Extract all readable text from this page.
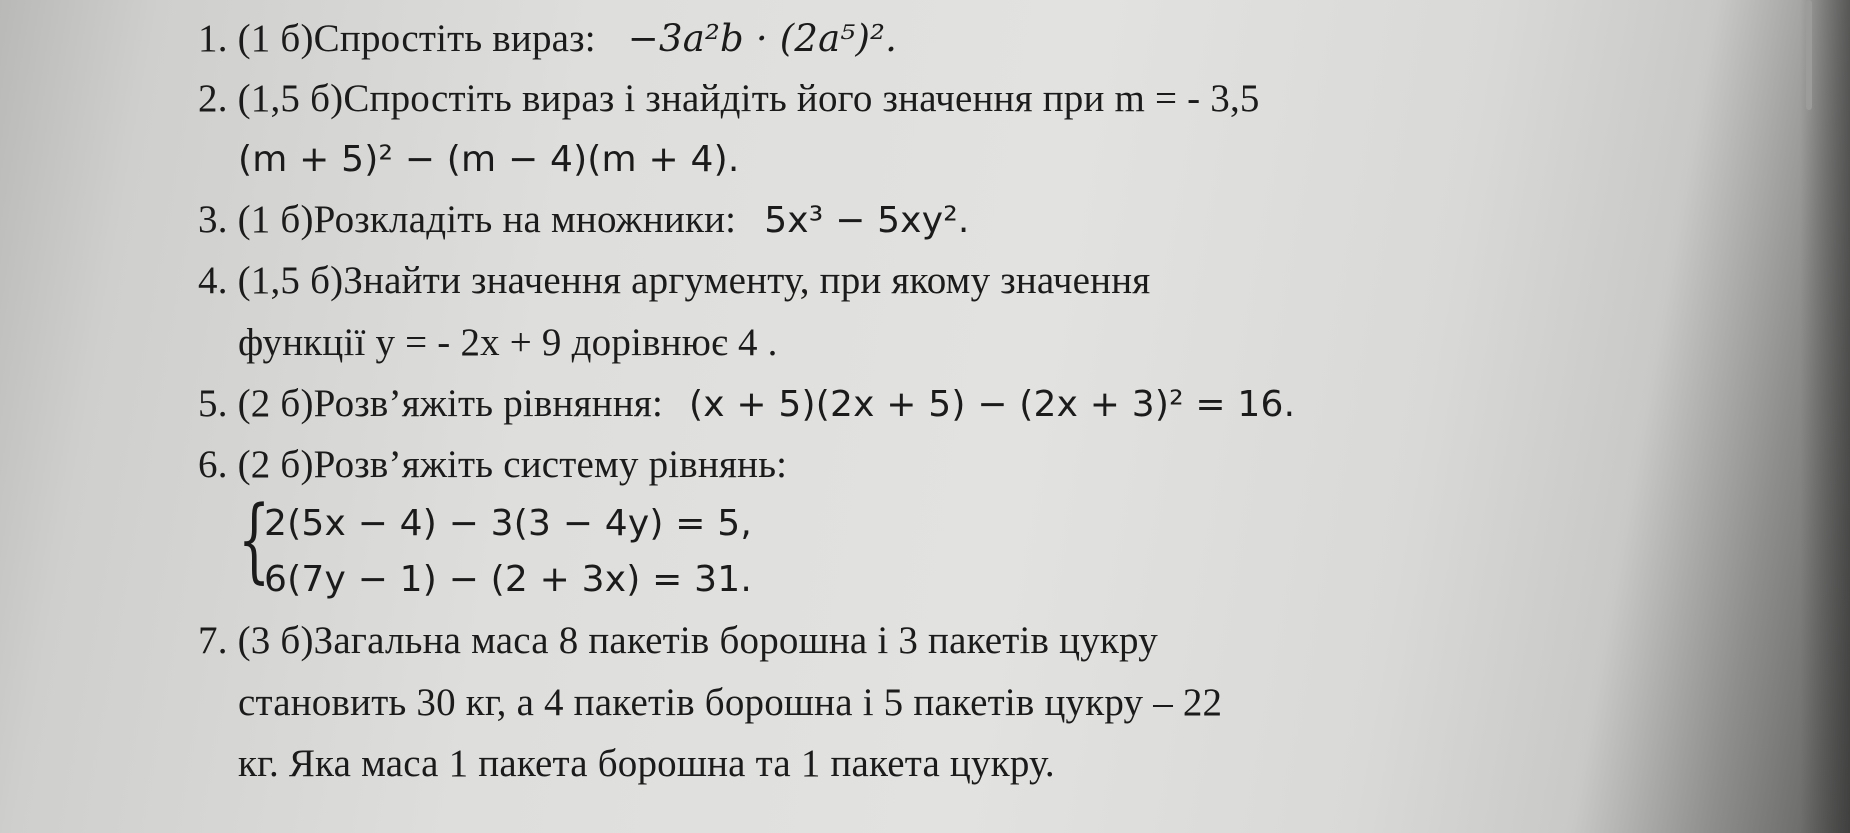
1. (1 б)Спростіть вираз: −3a²b · (2a⁵)².
2. (1,5 б)Спростіть вираз і знайдіть його значення при m = - 3,5
(m + 5)² − (m − 4)(m + 4).
3. (1 б)Розкладіть на множники: 5x³ − 5xy².
4. (1,5 б)Знайти значення аргументу, при якому значення
функції y = - 2x + 9 дорівнює 4 .
5. (2 б)Розв’яжіть рівняння: (x + 5)(2x + 5) − (2x + 3)² = 16.
6. (2 б)Розв’яжіть систему рівнянь:
{
2(5x − 4) − 3(3 − 4y) = 5,
6(7y − 1) − (2 + 3x) = 31.
7. (3 б)Загальна маса 8 пакетів борошна і 3 пакетів цукру
становить 30 кг, а 4 пакетів борошна і 5 пакетів цукру – 22
кг. Яка маса 1 пакета борошна та 1 пакета цукру.
